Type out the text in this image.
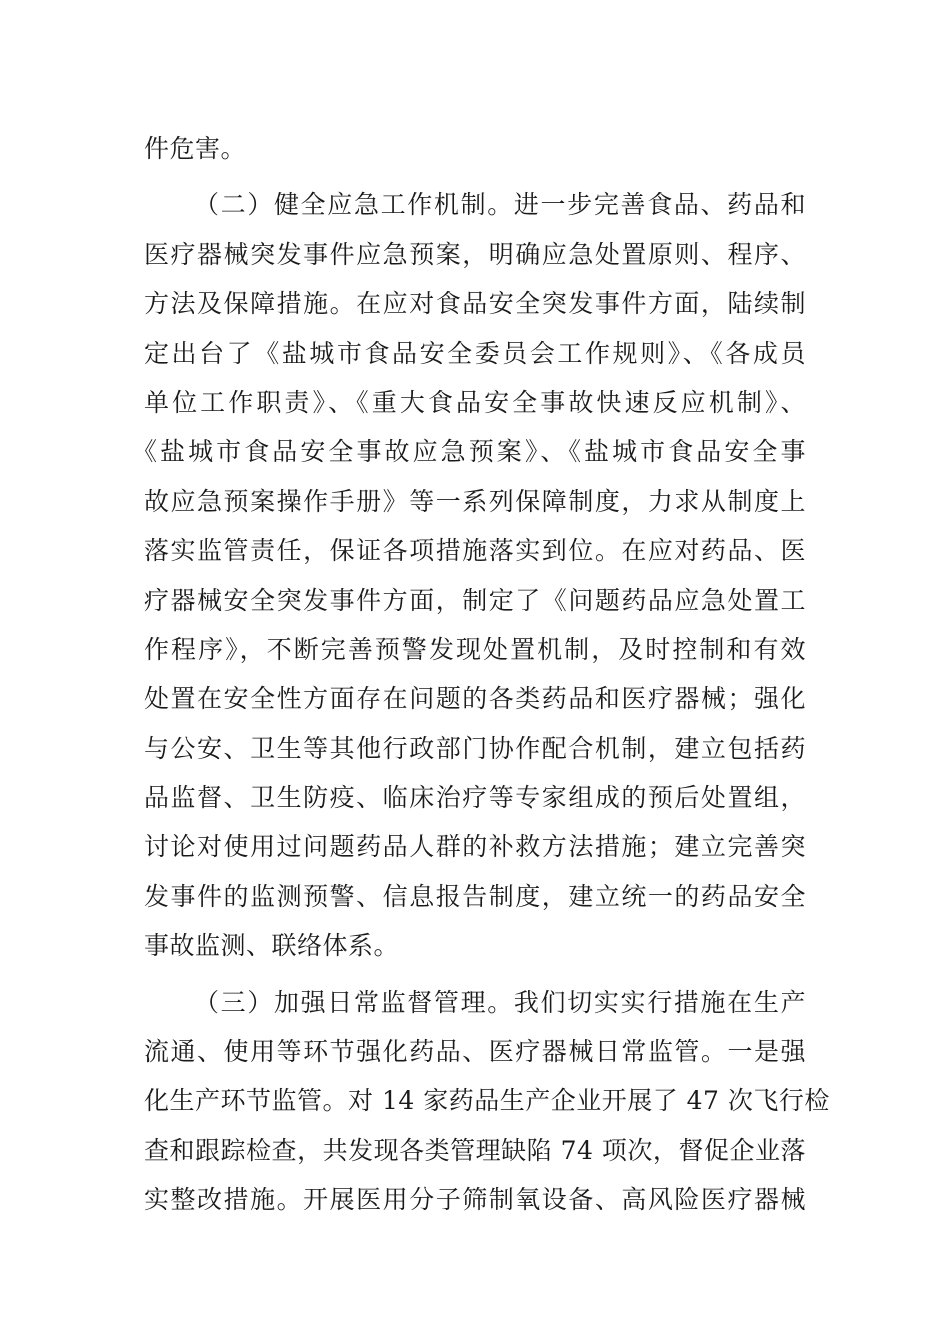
件危害。
（二）健全应急工作机制。进一步完善食品、药品和
医疗器械突发事件应急预案，明确应急处置原则、程序、
方法及保障措施。在应对食品安全突发事件方面，陆续制
定出台了《盐城市食品安全委员会工作规则》、《各成员
单位工作职责》、《重大食品安全事故快速反应机制》、
《盐城市食品安全事故应急预案》、《盐城市食品安全事
故应急预案操作手册》等一系列保障制度，力求从制度上
落实监管责任，保证各项措施落实到位。在应对药品、医
疗器械安全突发事件方面，制定了《问题药品应急处置工
作程序》，不断完善预警发现处置机制，及时控制和有效
处置在安全性方面存在问题的各类药品和医疗器械；强化
与公安、卫生等其他行政部门协作配合机制，建立包括药
品监督、卫生防疫、临床治疗等专家组成的预后处置组，
讨论对使用过问题药品人群的补救方法措施；建立完善突
发事件的监测预警、信息报告制度，建立统一的药品安全
事故监测、联络体系。
（三）加强日常监督管理。我们切实实行措施在生产
流通、使用等环节强化药品、医疗器械日常监管。一是强
化生产环节监管。对 14 家药品生产企业开展了 47 次飞行检
查和跟踪检查，共发现各类管理缺陷 74 项次，督促企业落
实整改措施。开展医用分子筛制氧设备、高风险医疗器械
